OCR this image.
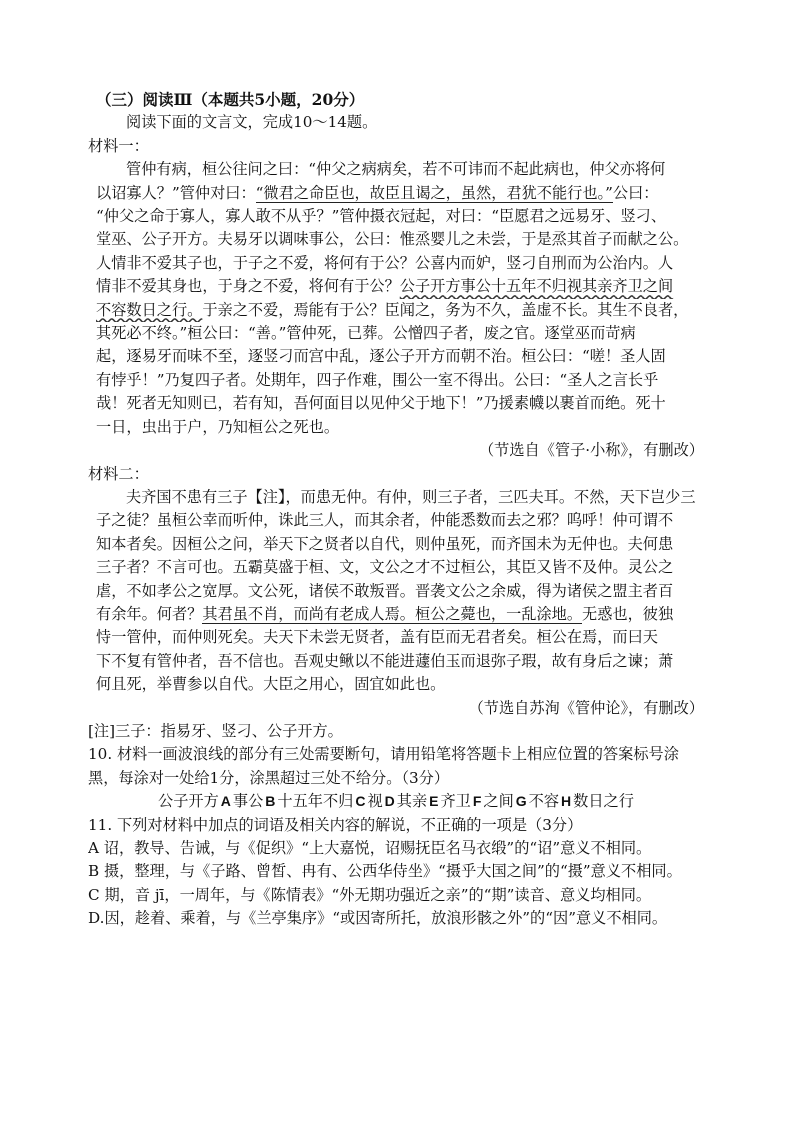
（三）阅读Ⅲ（本题共5小题，20分）
阅读下面的文言文，完成10～14题。
材料一：
管仲有病，桓公往问之曰：“仲父之病病矣，若不可讳而不起此病也，仲父亦将何
以诏寡人？”管仲对曰：“微君之命臣也，故臣且谒之，虽然，君犹不能行也。”公曰：
“仲父之命于寡人，寡人敢不从乎？”管仲摄衣冠起，对曰：“臣愿君之远易牙、竖刁、
堂巫、公子开方。夫易牙以调味事公，公曰：惟烝婴儿之未尝，于是烝其首子而献之公。
人情非不爱其子也，于子之不爱，将何有于公？公喜内而妒，竖刁自刑而为公治内。人
情非不爱其身也，于身之不爱，将何有于公？公子开方事公十五年不归视其亲齐卫之间
不容数日之行。于亲之不爱，焉能有于公？臣闻之，务为不久，盖虚不长。其生不良者，
其死必不终。”桓公曰：“善。”管仲死，已葬。公憎四子者，废之官。逐堂巫而苛病
起，逐易牙而味不至，逐竖刁而宫中乱，逐公子开方而朝不治。桓公曰：“嗟！圣人固
有悖乎！”乃复四子者。处期年，四子作难，围公一室不得出。公曰：“圣人之言长乎
哉！死者无知则已，若有知，吾何面目以见仲父于地下！”乃援素幭以裹首而绝。死十
一日，虫出于户，乃知桓公之死也。
（节选自《管子·小称》，有删改）
材料二：
夫齐国不患有三子【注】，而患无仲。有仲，则三子者，三匹夫耳。不然，天下岂少三
子之徒？虽桓公幸而听仲，诛此三人，而其余者，仲能悉数而去之邪？呜呼！仲可谓不
知本者矣。因桓公之问，举天下之贤者以自代，则仲虽死，而齐国未为无仲也。夫何患
三子者？不言可也。五霸莫盛于桓、文，文公之才不过桓公，其臣又皆不及仲。灵公之
虐，不如孝公之宽厚。文公死，诸侯不敢叛晋。晋袭文公之余威，得为诸侯之盟主者百
有余年。何者？其君虽不肖，而尚有老成人焉。桓公之薨也，一乱涂地。无惑也，彼独
恃一管仲，而仲则死矣。夫天下未尝无贤者，盖有臣而无君者矣。桓公在焉，而曰天
下不复有管仲者，吾不信也。吾观史鳅以不能进蘧伯玉而退弥子瑕，故有身后之谏；萧
何且死，举曹参以自代。大臣之用心，固宜如此也。
（节选自苏洵《管仲论》，有删改）
[注]三子：指易牙、竖刁、公子开方。
10. 材料一画波浪线的部分有三处需要断句，请用铅笔将答题卡上相应位置的答案标号涂
黑，每涂对一处给1分，涂黑超过三处不给分。（3分）
公子开方 A 事公 B 十五年不归 C 视 D 其亲 E 齐卫 F 之间 G 不容 H 数日之行
11. 下列对材料中加点的词语及相关内容的解说，不正确的一项是（3分）
A 诏，教导、告诫，与《促织》“上大嘉悦，诏赐抚臣名马衣缎”的“诏”意义不相同。
B 摄，整理，与《子路、曾皙、冉有、公西华侍坐》“摄乎大国之间”的“摄”意义不相同。
C 期，音 jī，一周年，与《陈情表》“外无期功强近之亲”的“期”读音、意义均相同。
D.因，趁着、乘着，与《兰亭集序》“或因寄所托，放浪形骸之外”的“因”意义不相同。
